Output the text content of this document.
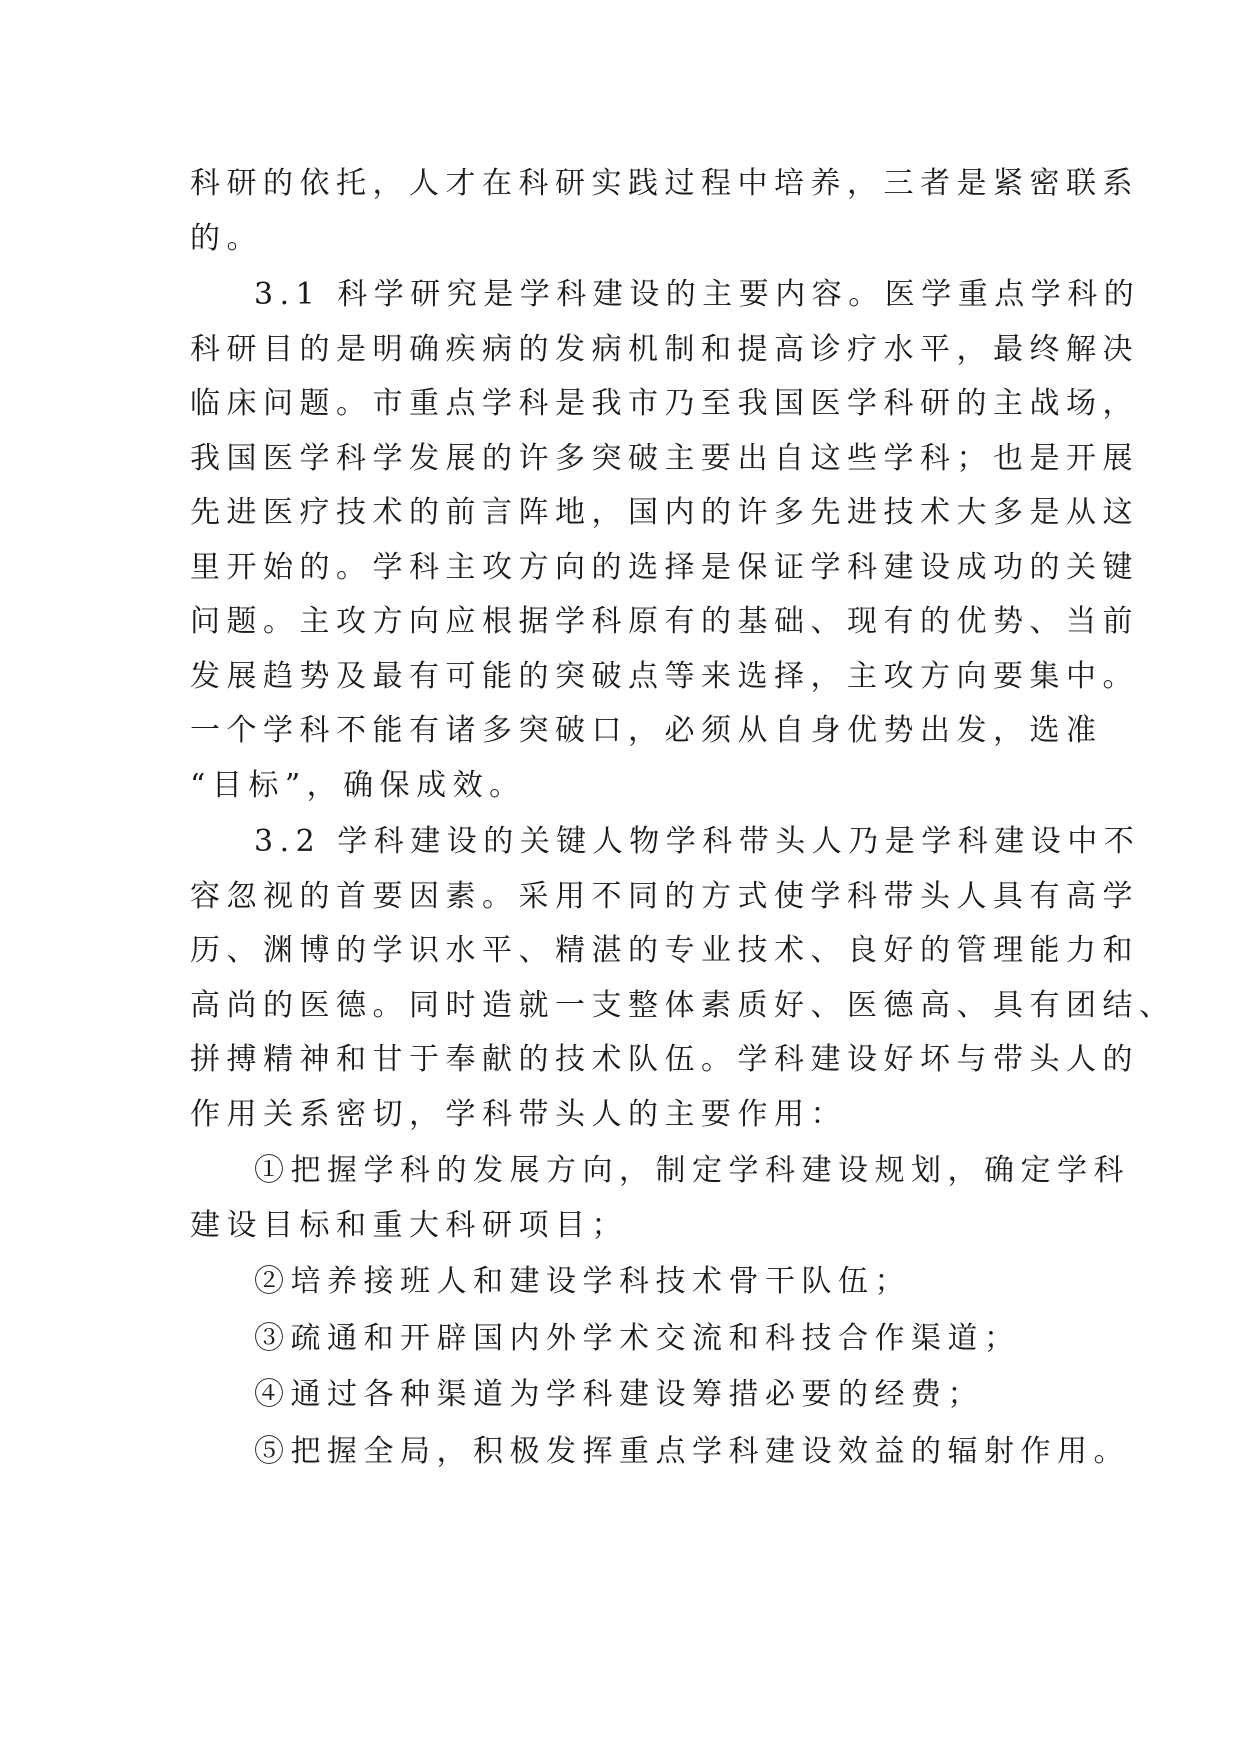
科研的依托，人才在科研实践过程中培养，三者是紧密联系
的。
3.1 科学研究是学科建设的主要内容。医学重点学科的
科研目的是明确疾病的发病机制和提高诊疗水平，最终解决
临床问题。市重点学科是我市乃至我国医学科研的主战场，
我国医学科学发展的许多突破主要出自这些学科；也是开展
先进医疗技术的前言阵地，国内的许多先进技术大多是从这
里开始的。学科主攻方向的选择是保证学科建设成功的关键
问题。主攻方向应根据学科原有的基础、现有的优势、当前
发展趋势及最有可能的突破点等来选择，主攻方向要集中。
一个学科不能有诸多突破口，必须从自身优势出发，选准
“目标”，确保成效。
3.2 学科建设的关键人物学科带头人乃是学科建设中不
容忽视的首要因素。采用不同的方式使学科带头人具有高学
历、渊博的学识水平、精湛的专业技术、良好的管理能力和
高尚的医德。同时造就一支整体素质好、医德高、具有团结、
拼搏精神和甘于奉献的技术队伍。学科建设好坏与带头人的
作用关系密切，学科带头人的主要作用：
①把握学科的发展方向，制定学科建设规划，确定学科
建设目标和重大科研项目；
②培养接班人和建设学科技术骨干队伍；
③疏通和开辟国内外学术交流和科技合作渠道；
④通过各种渠道为学科建设筹措必要的经费；
⑤把握全局，积极发挥重点学科建设效益的辐射作用。
